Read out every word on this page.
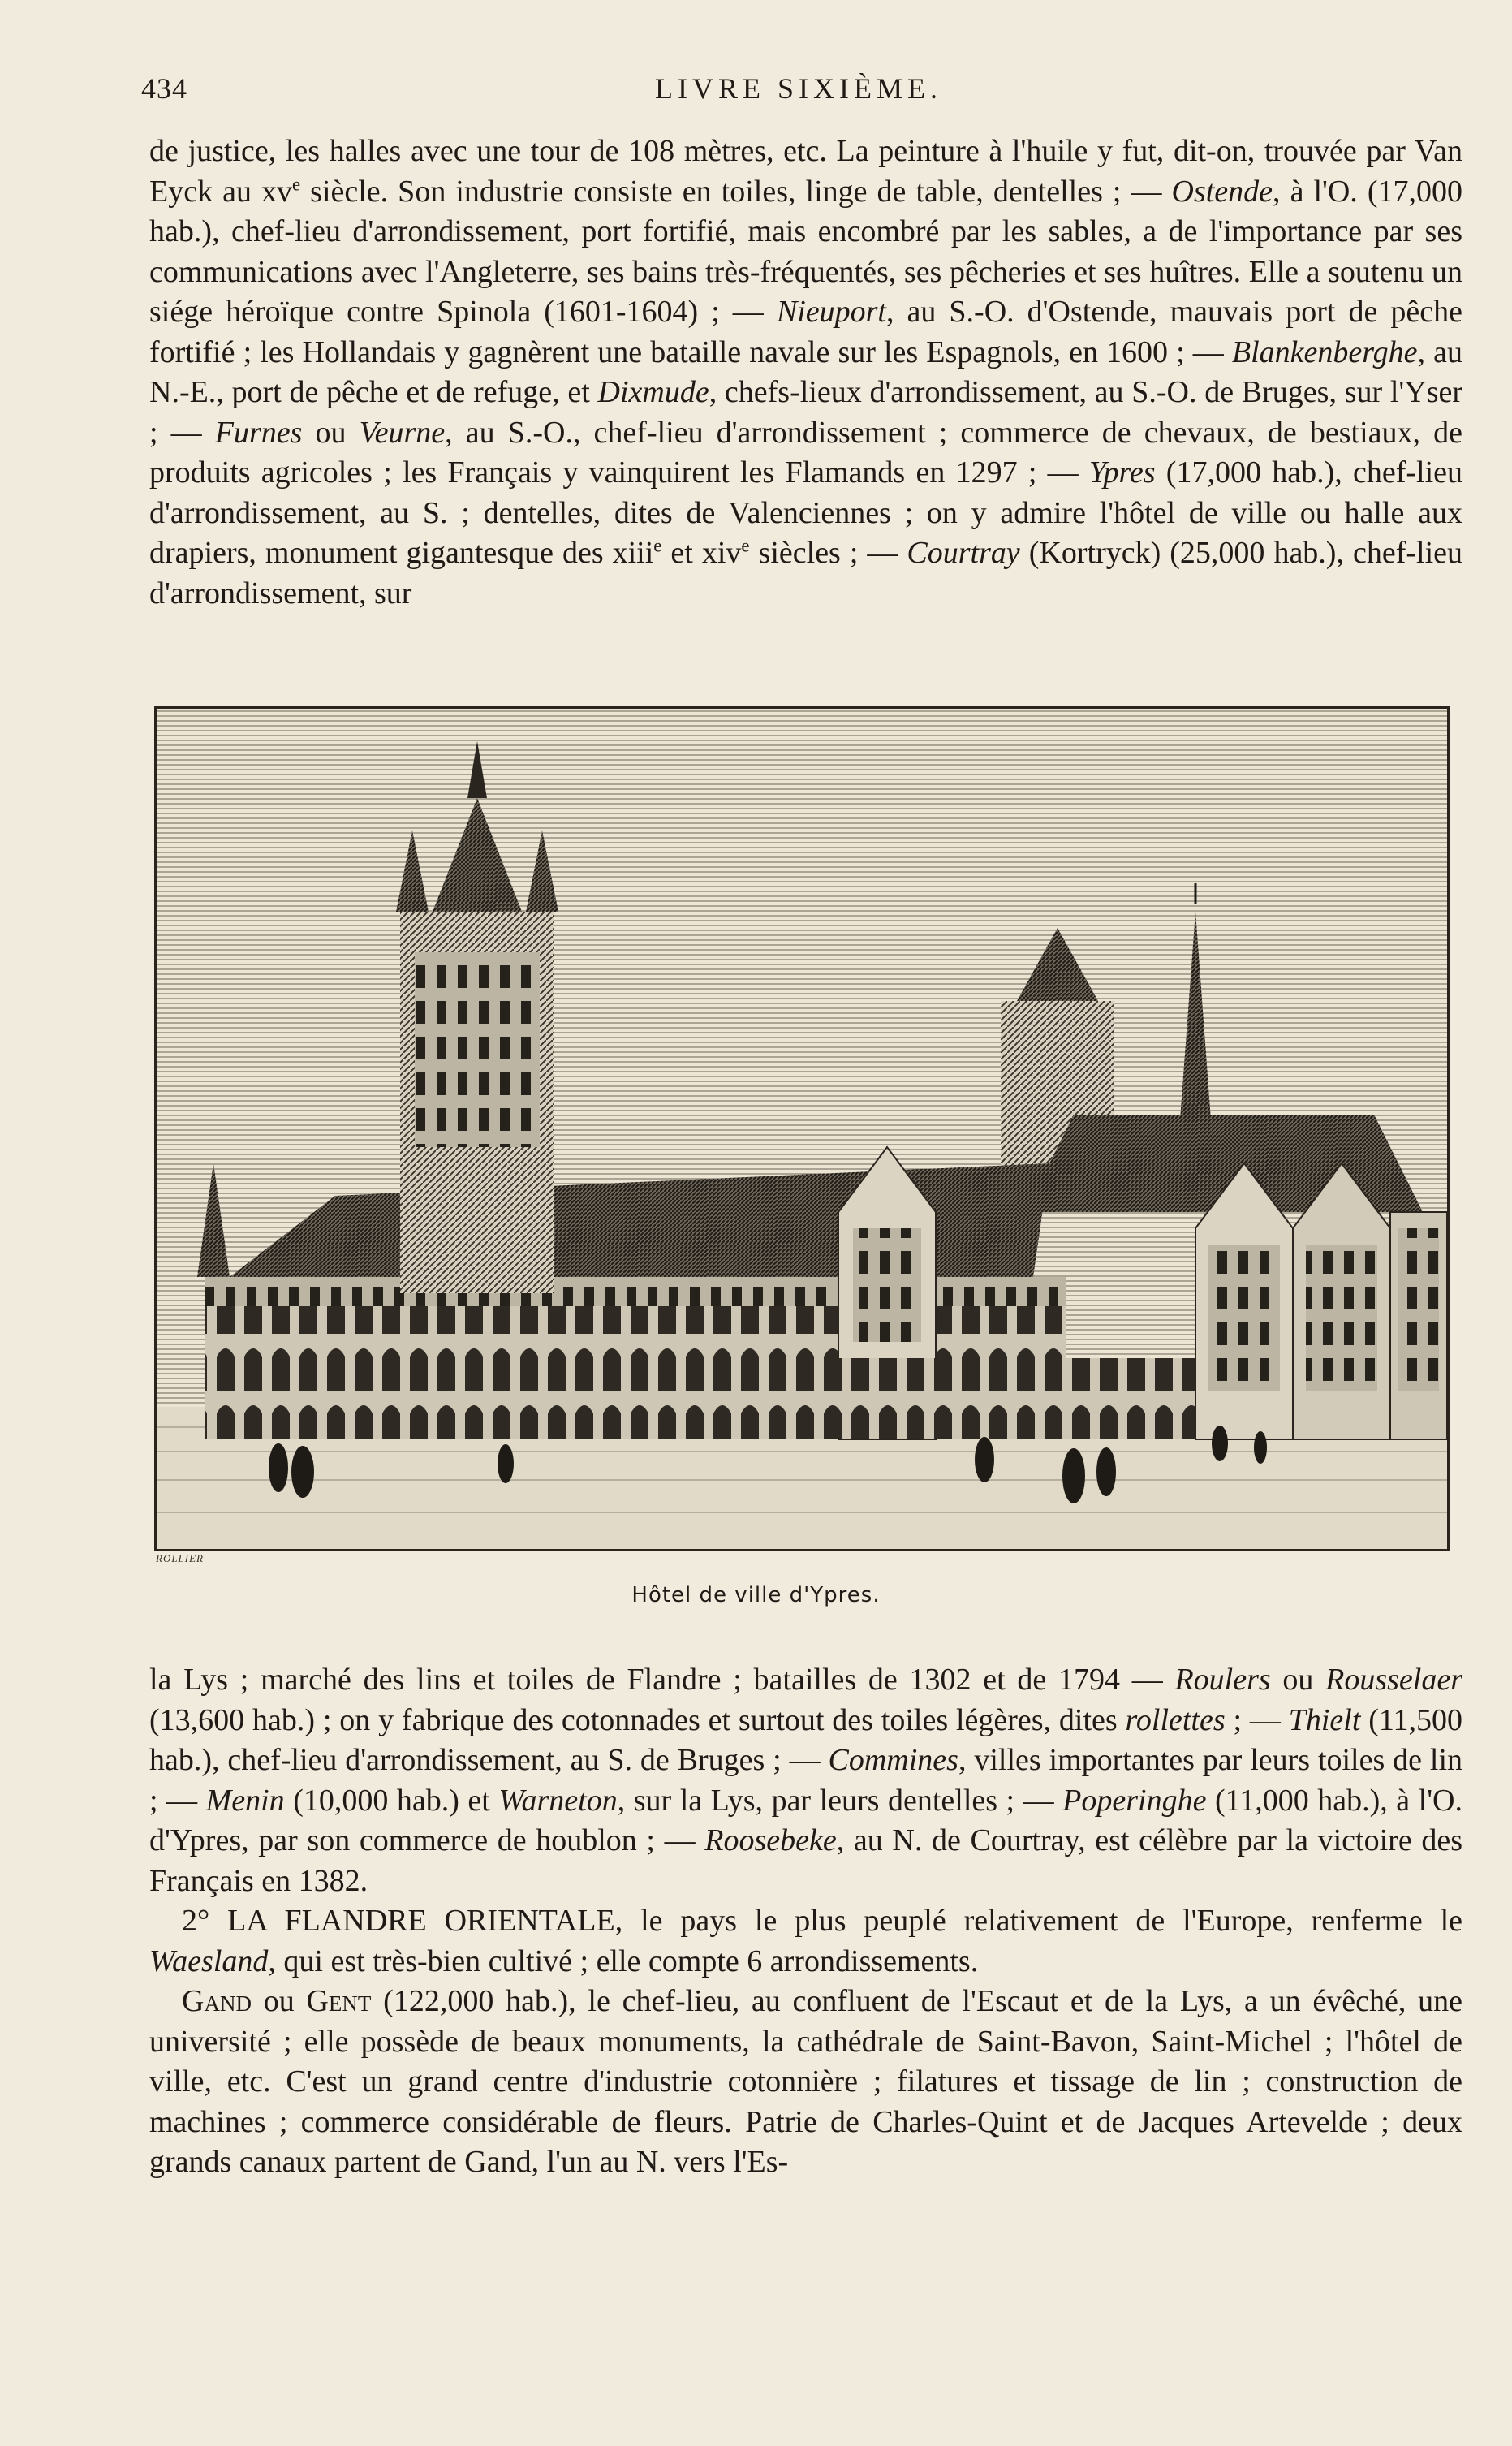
434	LIVRE SIXIÈME.

de justice, les halles avec une tour de 108 mètres, etc. La peinture à l'huile y fut, dit-on, trouvée par Van Eyck au $xv^e$ siècle. Son industrie consiste en toiles, linge de table, dentelles ; — Ostende, à l'O. (17,000 hab.), chef-lieu d'arrondissement, port fortifié, mais encombré par les sables, a de l'importance par ses communications avec l'Angleterre, ses bains très-fréquentés, ses pêcheries et ses huîtres. Elle a soutenu un siége héroïque contre Spinola (1601-1604) ; — Nieuport, au S.-O. d'Ostende, mauvais port de pêche fortifié ; les Hollandais y gagnèrent une bataille navale sur les Espagnols, en 1600 ; — Blankenberghe, au N.-E., port de pêche et de refuge, et Dixmude, chefs-lieux d'arrondissement, au S.-O. de Bruges, sur l'Yser ; — Furnes ou Veurne, au S.-O., chef-lieu d'arrondissement ; commerce de chevaux, de bestiaux, de produits agricoles ; les Français y vainquirent les Flamands en 1297 ; — Ypres (17,000 hab.), chef-lieu d'arrondissement, au S. ; dentelles, dites de Valenciennes ; on y admire l'hôtel de ville ou halle aux drapiers, monument gigantesque des xiii$^e$ et xiv$^e$ siècles ; — Courtray (Kortryck) (25,000 hab.), chef-lieu d'arrondissement, sur

ROLLIER
Hôtel de ville d'Ypres.

la Lys ; marché des lins et toiles de Flandre ; batailles de 1302 et de 1794 — Roulers ou Rousselaer (13,600 hab.) ; on y fabrique des cotonnades et surtout des toiles légères, dites rollettes ; — Thielt (11,500 hab.), chef-lieu d'arrondissement, au S. de Bruges ; — Commines, villes importantes par leurs toiles de lin ; — Menin (10,000 hab.) et Warneton, sur la Lys, par leurs dentelles ; — Poperinghe (11,000 hab.), à l'O. d'Ypres, par son commerce de houblon ; — Roosebeke, au N. de Courtray, est célèbre par la victoire des Français en 1382.

2° LA FLANDRE ORIENTALE, le pays le plus peuplé relativement de l'Europe, renferme le Waesland, qui est très-bien cultivé ; elle compte 6 arrondissements.

Gand ou Gent (122,000 hab.), le chef-lieu, au confluent de l'Escaut et de la Lys, a un évêché, une université ; elle possède de beaux monuments, la cathédrale de Saint-Bavon, Saint-Michel ; l'hôtel de ville, etc. C'est un grand centre d'industrie cotonnière ; filatures et tissage de lin ; construction de machines ; commerce considérable de fleurs. Patrie de Charles-Quint et de Jacques Artevelde ; deux grands canaux partent de Gand, l'un au N. vers l'Es-
